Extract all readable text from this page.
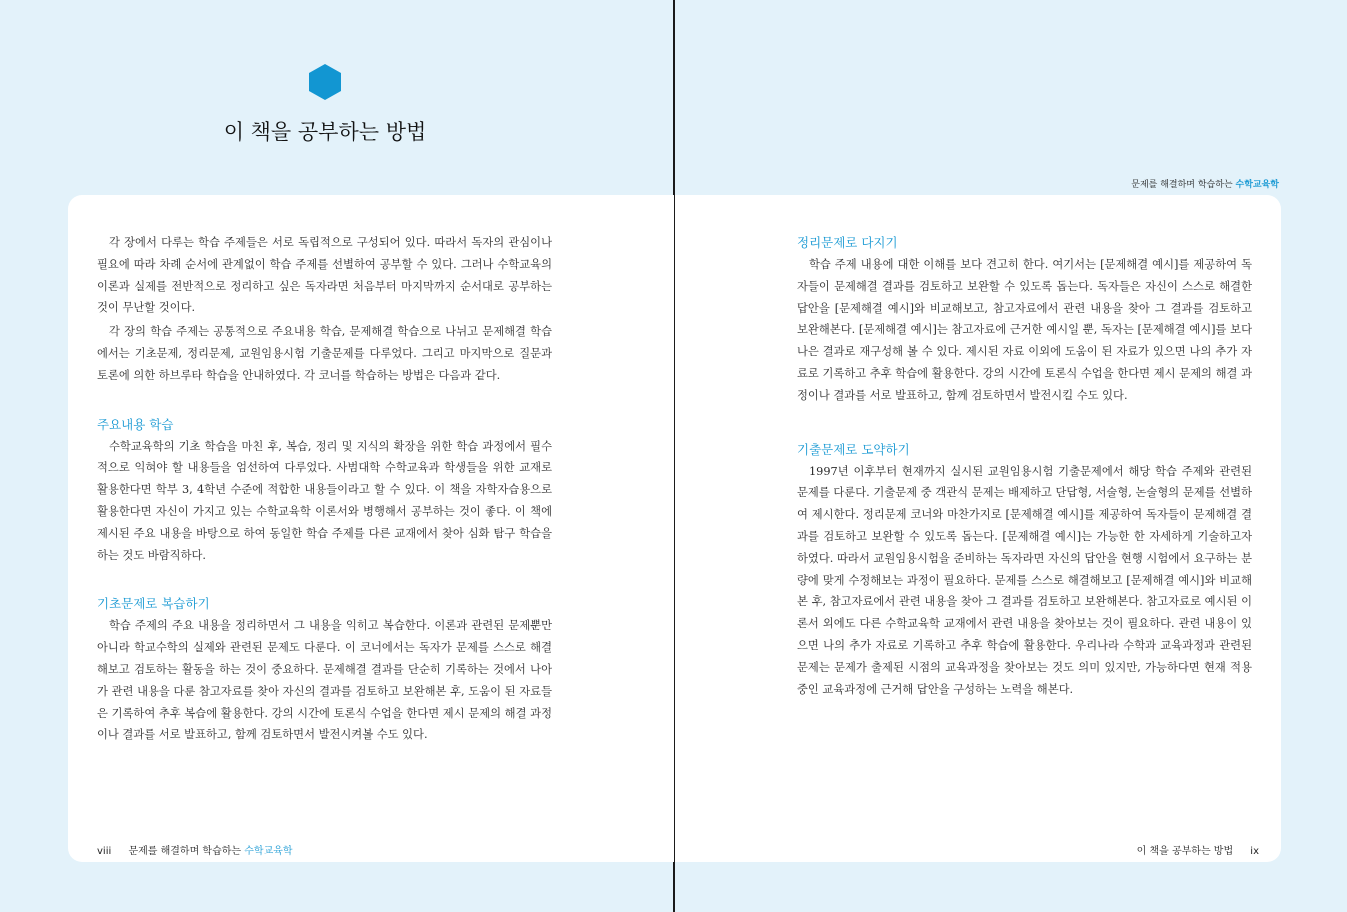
이 책을 공부하는 방법
문제를 해결하며 학습하는 수학교육학

각 장에서 다루는 학습 주제들은 서로 독립적으로 구성되어 있다. 따라서 독자의 관심이나 필요에 따라 차례 순서에 관계없이 학습 주제를 선별하여 공부할 수 있다. 그러나 수학교육의 이론과 실제를 전반적으로 정리하고 싶은 독자라면 처음부터 마지막까지 순서대로 공부하는 것이 무난할 것이다.

각 장의 학습 주제는 공통적으로 주요내용 학습, 문제해결 학습으로 나뉘고 문제해결 학습에서는 기초문제, 정리문제, 교원임용시험 기출문제를 다루었다. 그리고 마지막으로 질문과 토론에 의한 하브루타 학습을 안내하였다. 각 코너를 학습하는 방법은 다음과 같다.

주요내용 학습

수학교육학의 기초 학습을 마친 후, 복습, 정리 및 지식의 확장을 위한 학습 과정에서 필수적으로 익혀야 할 내용들을 엄선하여 다루었다. 사범대학 수학교육과 학생들을 위한 교재로 활용한다면 학부 3, 4학년 수준에 적합한 내용들이라고 할 수 있다. 이 책을 자학자습용으로 활용한다면 자신이 가지고 있는 수학교육학 이론서와 병행해서 공부하는 것이 좋다. 이 책에 제시된 주요 내용을 바탕으로 하여 동일한 학습 주제를 다른 교재에서 찾아 심화 탐구 학습을 하는 것도 바람직하다.

기초문제로 복습하기

학습 주제의 주요 내용을 정리하면서 그 내용을 익히고 복습한다. 이론과 관련된 문제뿐만 아니라 학교수학의 실제와 관련된 문제도 다룬다. 이 코너에서는 독자가 문제를 스스로 해결해보고 검토하는 활동을 하는 것이 중요하다. 문제해결 결과를 단순히 기록하는 것에서 나아가 관련 내용을 다룬 참고자료를 찾아 자신의 결과를 검토하고 보완해본 후, 도움이 된 자료들은 기록하여 추후 복습에 활용한다. 강의 시간에 토론식 수업을 한다면 제시 문제의 해결 과정이나 결과를 서로 발표하고, 함께 검토하면서 발전시켜볼 수도 있다.

정리문제로 다지기

학습 주제 내용에 대한 이해를 보다 견고히 한다. 여기서는 [문제해결 예시]를 제공하여 독자들이 문제해결 결과를 검토하고 보완할 수 있도록 돕는다. 독자들은 자신이 스스로 해결한 답안을 [문제해결 예시]와 비교해보고, 참고자료에서 관련 내용을 찾아 그 결과를 검토하고 보완해본다. [문제해결 예시]는 참고자료에 근거한 예시일 뿐, 독자는 [문제해결 예시]를 보다 나은 결과로 재구성해 볼 수 있다. 제시된 자료 이외에 도움이 된 자료가 있으면 나의 추가 자료로 기록하고 추후 학습에 활용한다. 강의 시간에 토론식 수업을 한다면 제시 문제의 해결 과정이나 결과를 서로 발표하고, 함께 검토하면서 발전시킬 수도 있다.

기출문제로 도약하기

1997년 이후부터 현재까지 실시된 교원임용시험 기출문제에서 해당 학습 주제와 관련된 문제를 다룬다. 기출문제 중 객관식 문제는 배제하고 단답형, 서술형, 논술형의 문제를 선별하여 제시한다. 정리문제 코너와 마찬가지로 [문제해결 예시]를 제공하여 독자들이 문제해결 결과를 검토하고 보완할 수 있도록 돕는다. [문제해결 예시]는 가능한 한 자세하게 기술하고자 하였다. 따라서 교원임용시험을 준비하는 독자라면 자신의 답안을 현행 시험에서 요구하는 분량에 맞게 수정해보는 과정이 필요하다. 문제를 스스로 해결해보고 [문제해결 예시]와 비교해 본 후, 참고자료에서 관련 내용을 찾아 그 결과를 검토하고 보완해본다. 참고자료로 예시된 이론서 외에도 다른 수학교육학 교재에서 관련 내용을 찾아보는 것이 필요하다. 관련 내용이 있으면 나의 추가 자료로 기록하고 추후 학습에 활용한다. 우리나라 수학과 교육과정과 관련된 문제는 문제가 출제된 시점의 교육과정을 찾아보는 것도 의미 있지만, 가능하다면 현재 적용 중인 교육과정에 근거해 답안을 구성하는 노력을 해본다.

viii 문제를 해결하며 학습하는 수학교육학	이 책을 공부하는 방법 ix
